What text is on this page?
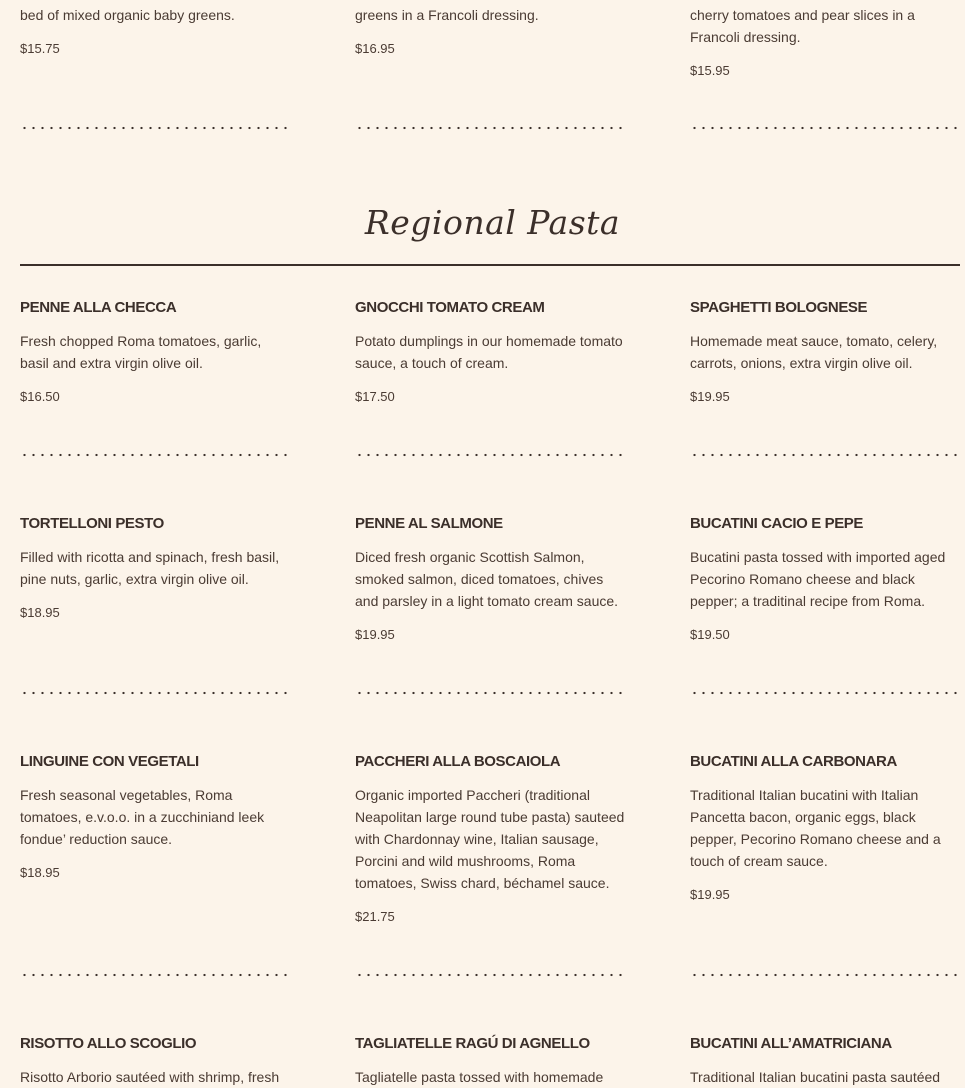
bed of mixed organic baby greens.

$15.75

greens in a Francoli dressing.

$16.95

cherry tomatoes and pear slices in a Francoli dressing.

$15.95
Regional Pasta
PENNE ALLA CHECCA

Fresh chopped Roma tomatoes, garlic, basil and extra virgin olive oil.

$16.50
GNOCCHI TOMATO CREAM

Potato dumplings in our homemade tomato sauce, a touch of cream.

$17.50
SPAGHETTI BOLOGNESE

Homemade meat sauce, tomato, celery, carrots, onions, extra virgin olive oil.

$19.95
TORTELLONI PESTO

Filled with ricotta and spinach, fresh basil, pine nuts, garlic, extra virgin olive oil.

$18.95
PENNE AL SALMONE

Diced fresh organic Scottish Salmon, smoked salmon, diced tomatoes, chives and parsley in a light tomato cream sauce.

$19.95
BUCATINI CACIO E PEPE

Bucatini pasta tossed with imported aged Pecorino Romano cheese and black pepper; a traditinal recipe from Roma.

$19.50
LINGUINE CON VEGETALI

Fresh seasonal vegetables, Roma tomatoes, e.v.o.o. in a zucchiniand leek fondue’ reduction sauce.

$18.95
PACCHERI ALLA BOSCAIOLA

Organic imported Paccheri (traditional Neapolitan large round tube pasta) sauteed with Chardonnay wine, Italian sausage, Porcini and wild mushrooms, Roma tomatoes, Swiss chard, béchamel sauce.

$21.75
BUCATINI ALLA CARBONARA

Traditional Italian bucatini with Italian Pancetta bacon, organic eggs, black pepper, Pecorino Romano cheese and a touch of cream sauce.

$19.95
RISOTTO ALLO SCOGLIO

Risotto Arborio sautéed with shrimp, fresh

TAGLIATELLE RAGÚ DI AGNELLO

Tagliatelle pasta tossed with homemade

BUCATINI ALL’AMATRICIANA

Traditional Italian bucatini pasta sautéed
